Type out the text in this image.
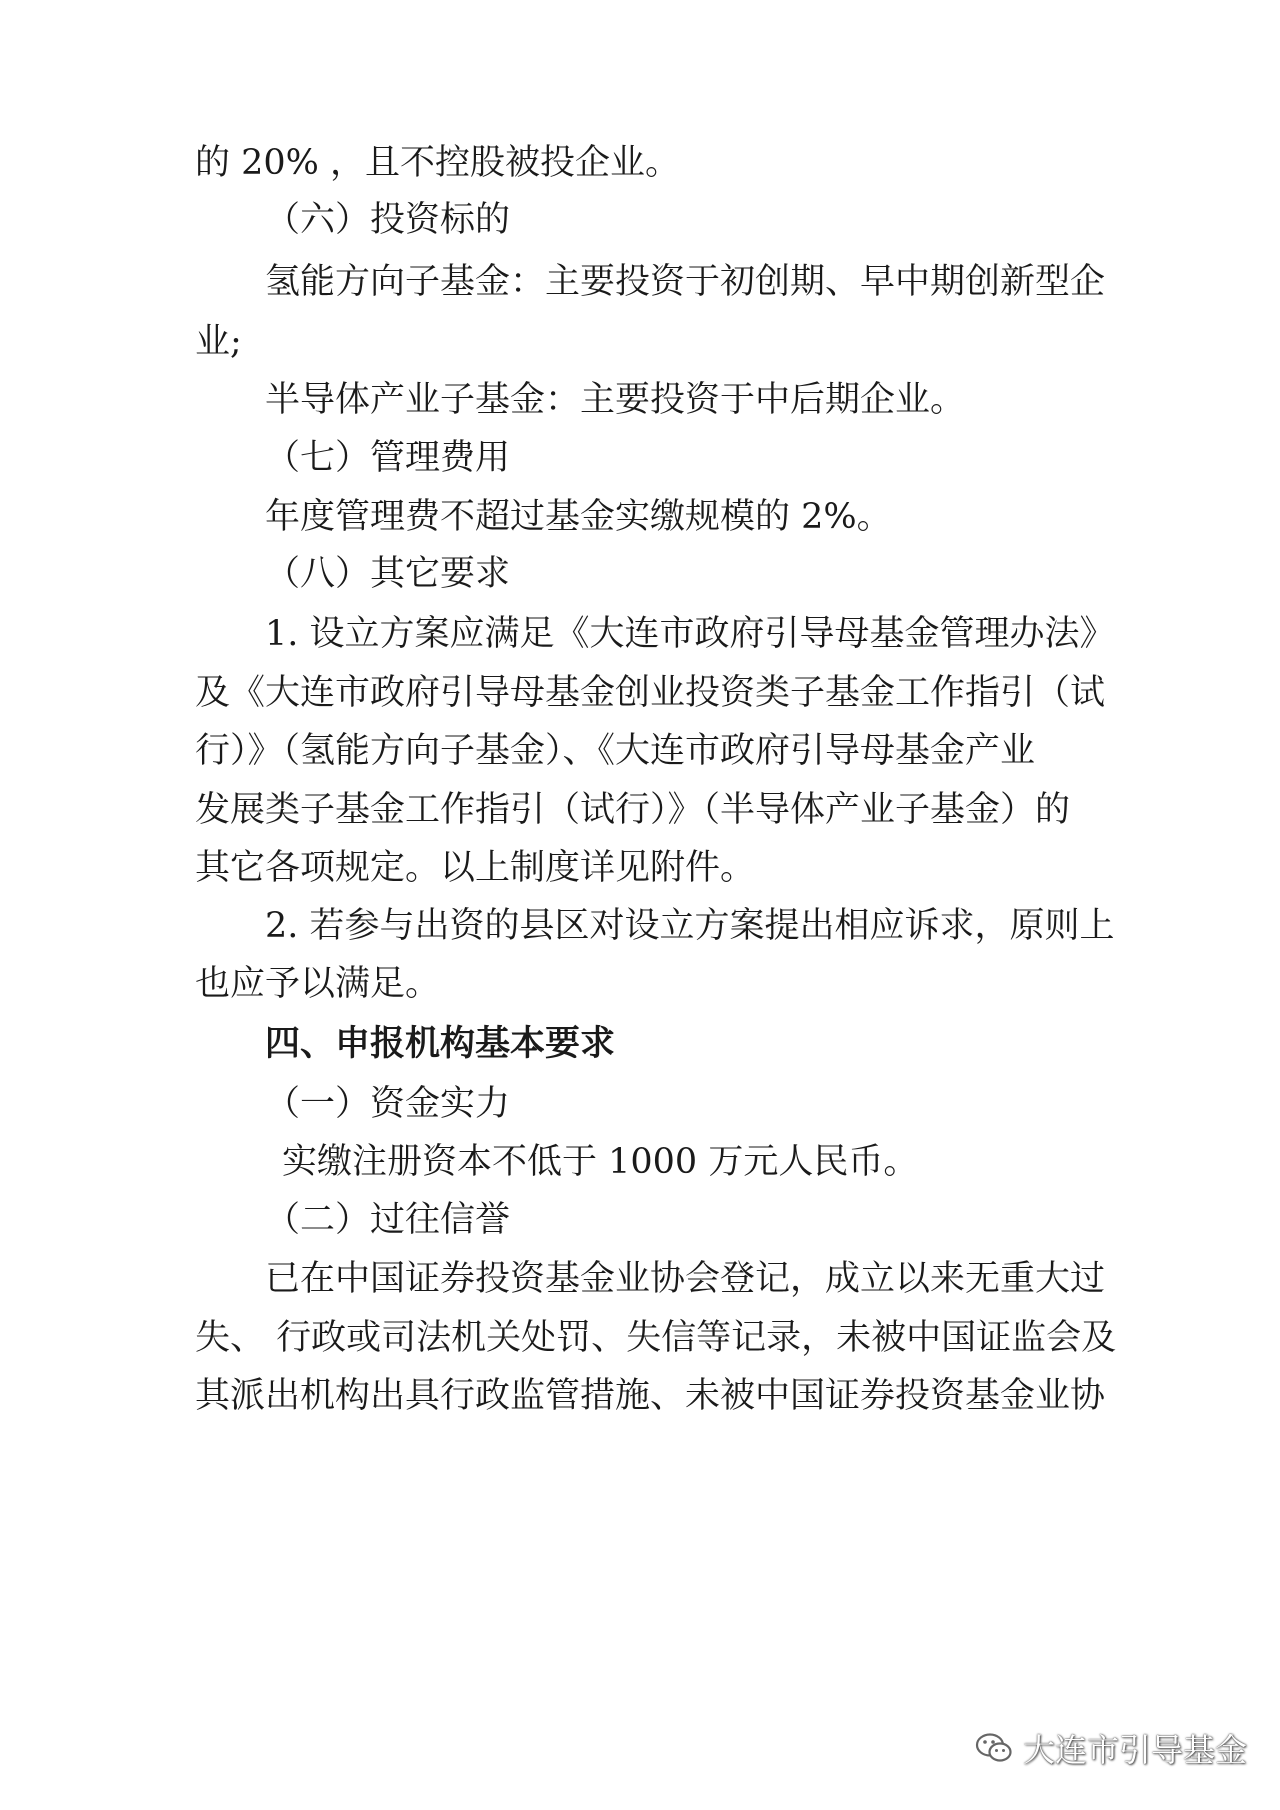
的 20% ，且不控股被投企业。
（六）投资标的
氢能方向子基金：主要投资于初创期、早中期创新型企
业;
半导体产业子基金：主要投资于中后期企业。
（七）管理费用
年度管理费不超过基金实缴规模的 2%。
（八）其它要求
1. 设立方案应满足《大连市政府引导母基金管理办法》
及《大连市政府引导母基金创业投资类子基金工作指引（试
行）》（氢能方向子基金）、《大连市政府引导母基金产业
发展类子基金工作指引（试行）》（半导体产业子基金）的
其它各项规定。以上制度详见附件。
2. 若参与出资的县区对设立方案提出相应诉求，原则上
也应予以满足。
四、申报机构基本要求
（一）资金实力
实缴注册资本不低于 1000 万元人民币。
（二）过往信誉
已在中国证券投资基金业协会登记，成立以来无重大过
失、 行政或司法机关处罚、失信等记录，未被中国证监会及
其派出机构出具行政监管措施、未被中国证券投资基金业协
大连市引导基金
